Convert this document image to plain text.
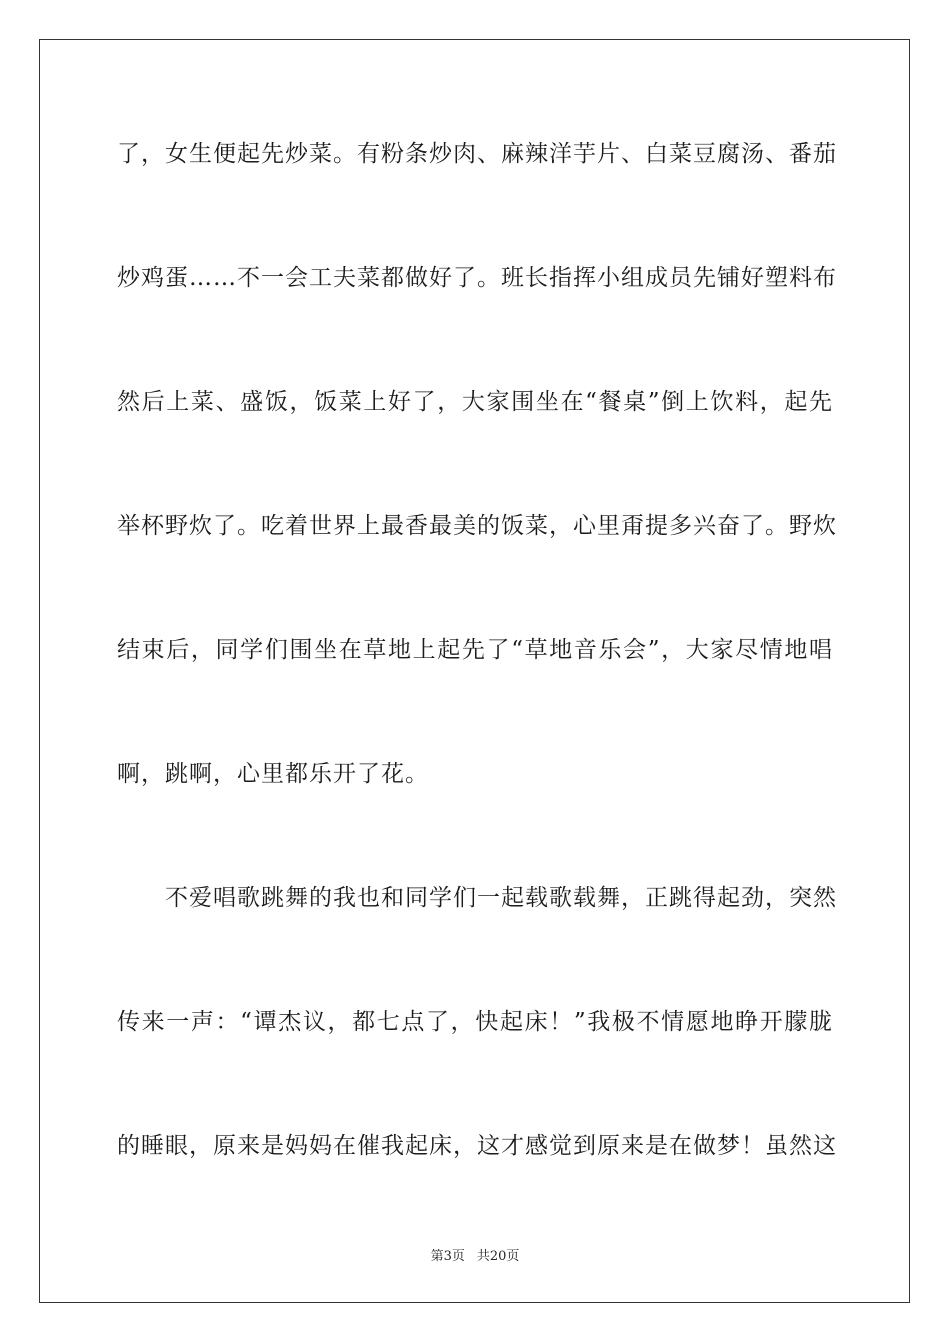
了，女生便起先炒菜。有粉条炒肉、麻辣洋芋片、白菜豆腐汤、番茄
炒鸡蛋……不一会工夫菜都做好了。班长指挥小组成员先铺好塑料布
然后上菜、盛饭，饭菜上好了，大家围坐在“餐桌”倒上饮料，起先
举杯野炊了。吃着世界上最香最美的饭菜，心里甭提多兴奋了。野炊
结束后，同学们围坐在草地上起先了“草地音乐会”，大家尽情地唱
啊，跳啊，心里都乐开了花。
　　不爱唱歌跳舞的我也和同学们一起载歌载舞，正跳得起劲，突然
传来一声：“谭杰议，都七点了，快起床！”我极不情愿地睁开朦胧
的睡眼，原来是妈妈在催我起床，这才感觉到原来是在做梦！虽然这
第3页 共20页
